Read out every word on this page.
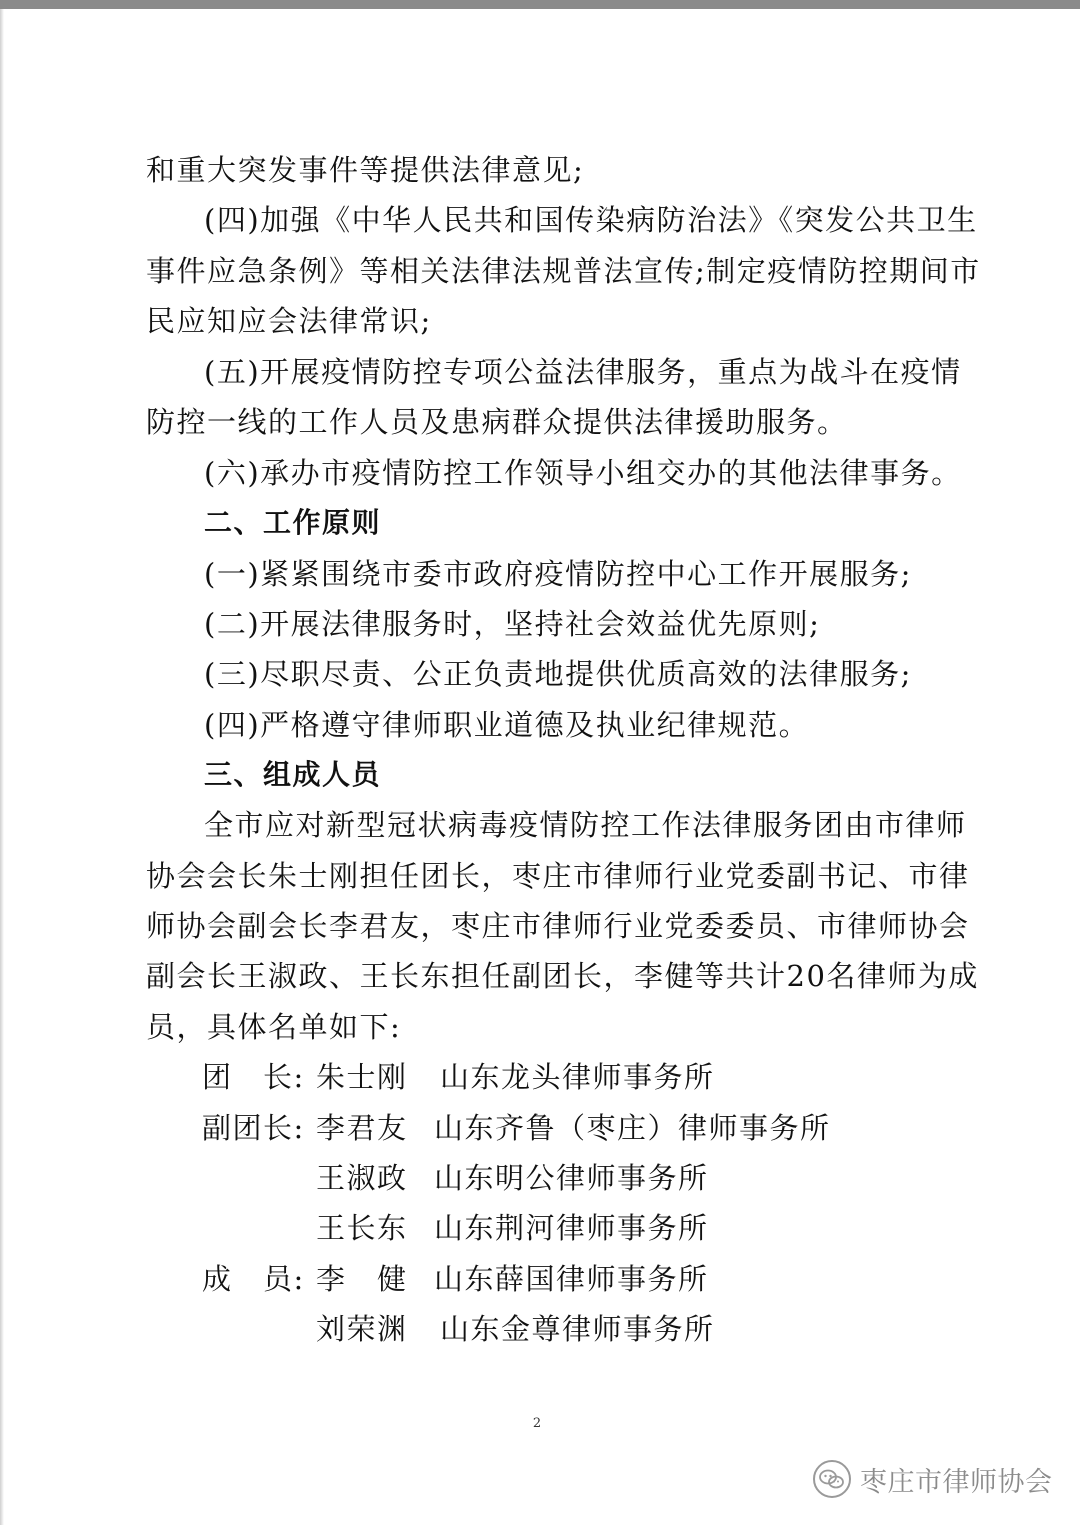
和重大突发事件等提供法律意见;
(四)加强《中华人民共和国传染病防治法》《突发公共卫生
事件应急条例》等相关法律法规普法宣传;制定疫情防控期间市
民应知应会法律常识;
(五)开展疫情防控专项公益法律服务，重点为战斗在疫情
防控一线的工作人员及患病群众提供法律援助服务。
(六)承办市疫情防控工作领导小组交办的其他法律事务。
二、工作原则
(一)紧紧围绕市委市政府疫情防控中心工作开展服务;
(二)开展法律服务时，坚持社会效益优先原则;
(三)尽职尽责、公正负责地提供优质高效的法律服务;
(四)严格遵守律师职业道德及执业纪律规范。
三、组成人员
全市应对新型冠状病毒疫情防控工作法律服务团由市律师
协会会长朱士刚担任团长，枣庄市律师行业党委副书记、市律
师协会副会长李君友，枣庄市律师行业党委委员、市律师协会
副会长王淑政、王长东担任副团长，李健等共计20名律师为成
员，具体名单如下:
团　长: 朱士刚 山东龙头律师事务所
副团长: 李君友 山东齐鲁（枣庄）律师事务所
王淑政 山东明公律师事务所
王长东 山东荆河律师事务所
成　员: 李　健 山东薛国律师事务所
刘荣渊 山东金尊律师事务所
2
枣庄市律师协会
